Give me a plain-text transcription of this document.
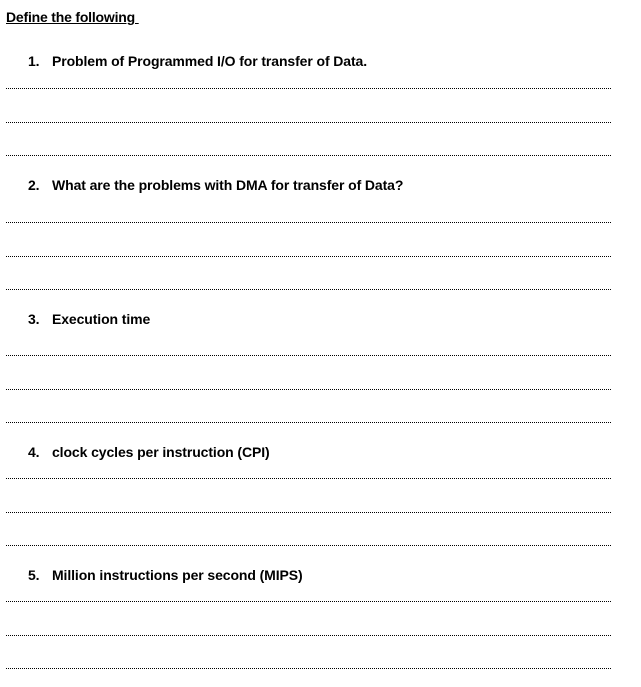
Define the following
1. Problem of Programmed I/O for transfer of Data.
2. What are the problems with DMA for transfer of Data?
3. Execution time
4. clock cycles per instruction (CPI)
5. Million instructions per second (MIPS)
